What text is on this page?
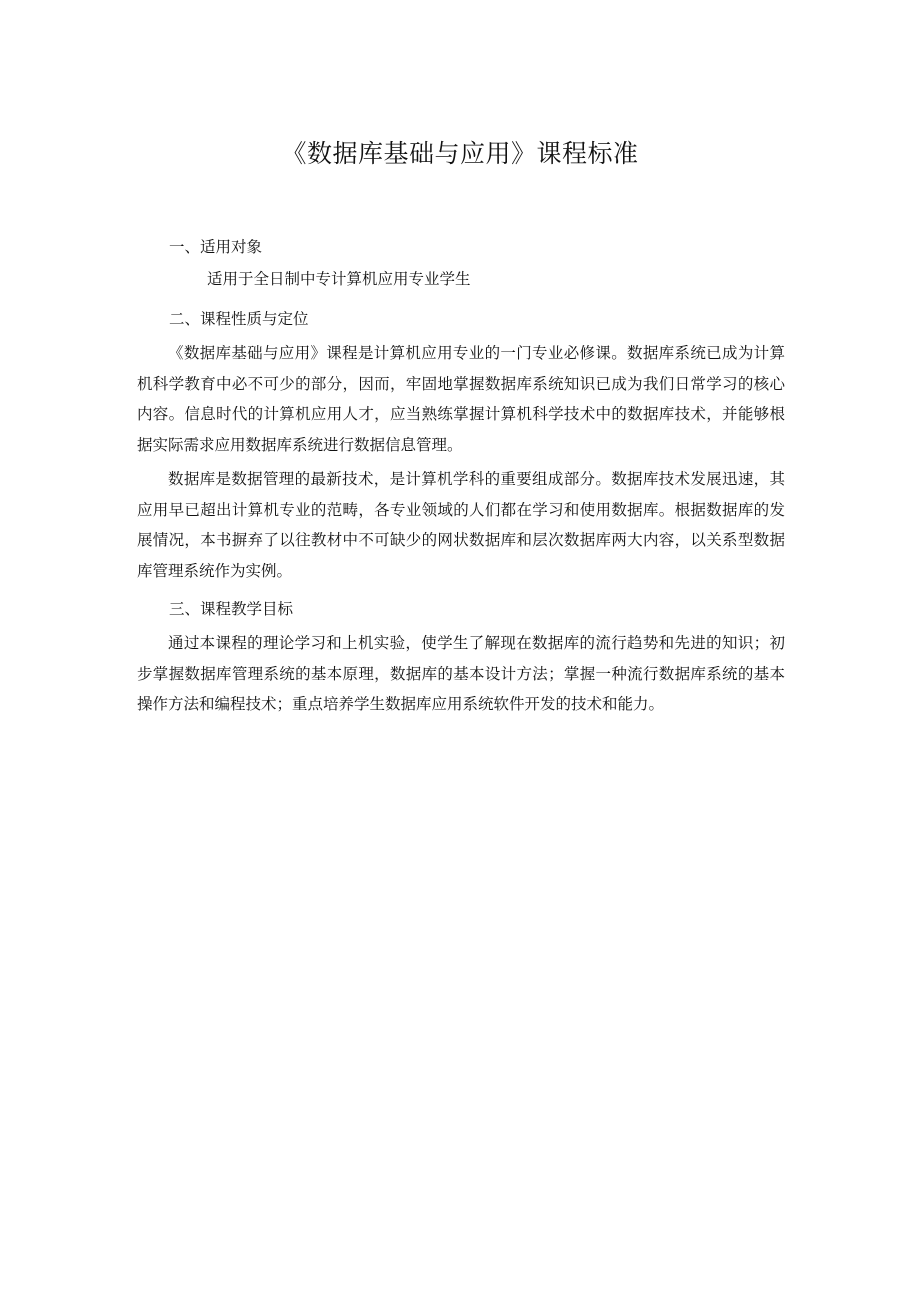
《数据库基础与应用》课程标准

一、适用对象

适用于全日制中专计算机应用专业学生

二、课程性质与定位

《数据库基础与应用》课程是计算机应用专业的一门专业必修课。数据库系统已成为计算机科学教育中必不可少的部分，因而，牢固地掌握数据库系统知识已成为我们日常学习的核心内容。信息时代的计算机应用人才，应当熟练掌握计算机科学技术中的数据库技术，并能够根据实际需求应用数据库系统进行数据信息管理。

数据库是数据管理的最新技术，是计算机学科的重要组成部分。数据库技术发展迅速，其应用早已超出计算机专业的范畴，各专业领域的人们都在学习和使用数据库。根据数据库的发展情况，本书摒弃了以往教材中不可缺少的网状数据库和层次数据库两大内容，以关系型数据库管理系统作为实例。

三、课程教学目标

通过本课程的理论学习和上机实验，使学生了解现在数据库的流行趋势和先进的知识；初步掌握数据库管理系统的基本原理，数据库的基本设计方法；掌握一种流行数据库系统的基本操作方法和编程技术；重点培养学生数据库应用系统软件开发的技术和能力。
